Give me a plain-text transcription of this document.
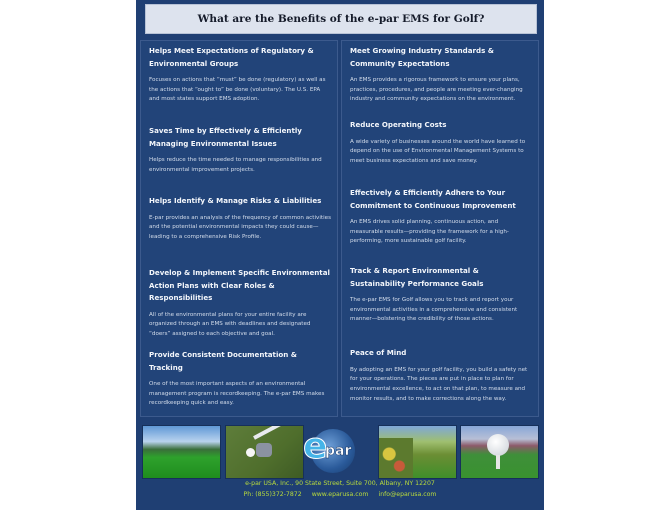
What are the Benefits of the e-par EMS for Golf?
Helps Meet Expectations of Regulatory & Environmental Groups

Focuses on actions that “must” be done (regulatory) as well as the actions that “ought to” be done (voluntary). The U.S. EPA and most states support EMS adoption.

Saves Time by Effectively & Efficiently Managing Environmental Issues

Helps reduce the time needed to manage responsibilities and environmental improvement projects.

Helps Identify & Manage Risks & Liabilities

E-par provides an analysis of the frequency of common activities and the potential environmental impacts they could cause—leading to a comprehensive Risk Profile.

Develop & Implement Specific Environmental Action Plans with Clear Roles & Responsibilities

All of the environmental plans for your entire facility are organized through an EMS with deadlines and designated “doers” assigned to each objective and goal.

Provide Consistent Documentation & Tracking

One of the most important aspects of an environmental management program is recordkeeping. The e-par EMS makes recordkeeping quick and easy.

Meet Growing Industry Standards & Community Expectations

An EMS provides a rigorous framework to ensure your plans, practices, procedures, and people are meeting ever-changing industry and community expectations on the environment.

Reduce Operating Costs

A wide variety of businesses around the world have learned to depend on the use of Environmental Management Systems to meet business expectations and save money.

Effectively & Efficiently Adhere to Your Commitment to Continuous Improvement

An EMS drives solid planning, continuous action, and measurable results—providing the framework for a high-performing, more sustainable golf facility.

Track & Report Environmental & Sustainability Performance Goals

The e-par EMS for Golf allows you to track and report your environmental activities in a comprehensive and consistent manner—bolstering the credibility of those actions.

Peace of Mind

By adopting an EMS for your golf facility, you build a safety net for your operations. The pieces are put in place to plan for environmental excellence, to act on that plan, to measure and monitor results, and to make corrections along the way.

e
par
e-par USA, Inc., 90 State Street, Suite 700, Albany, NY 12207
Ph: (855)372-7872 www.eparusa.com info@eparusa.com
